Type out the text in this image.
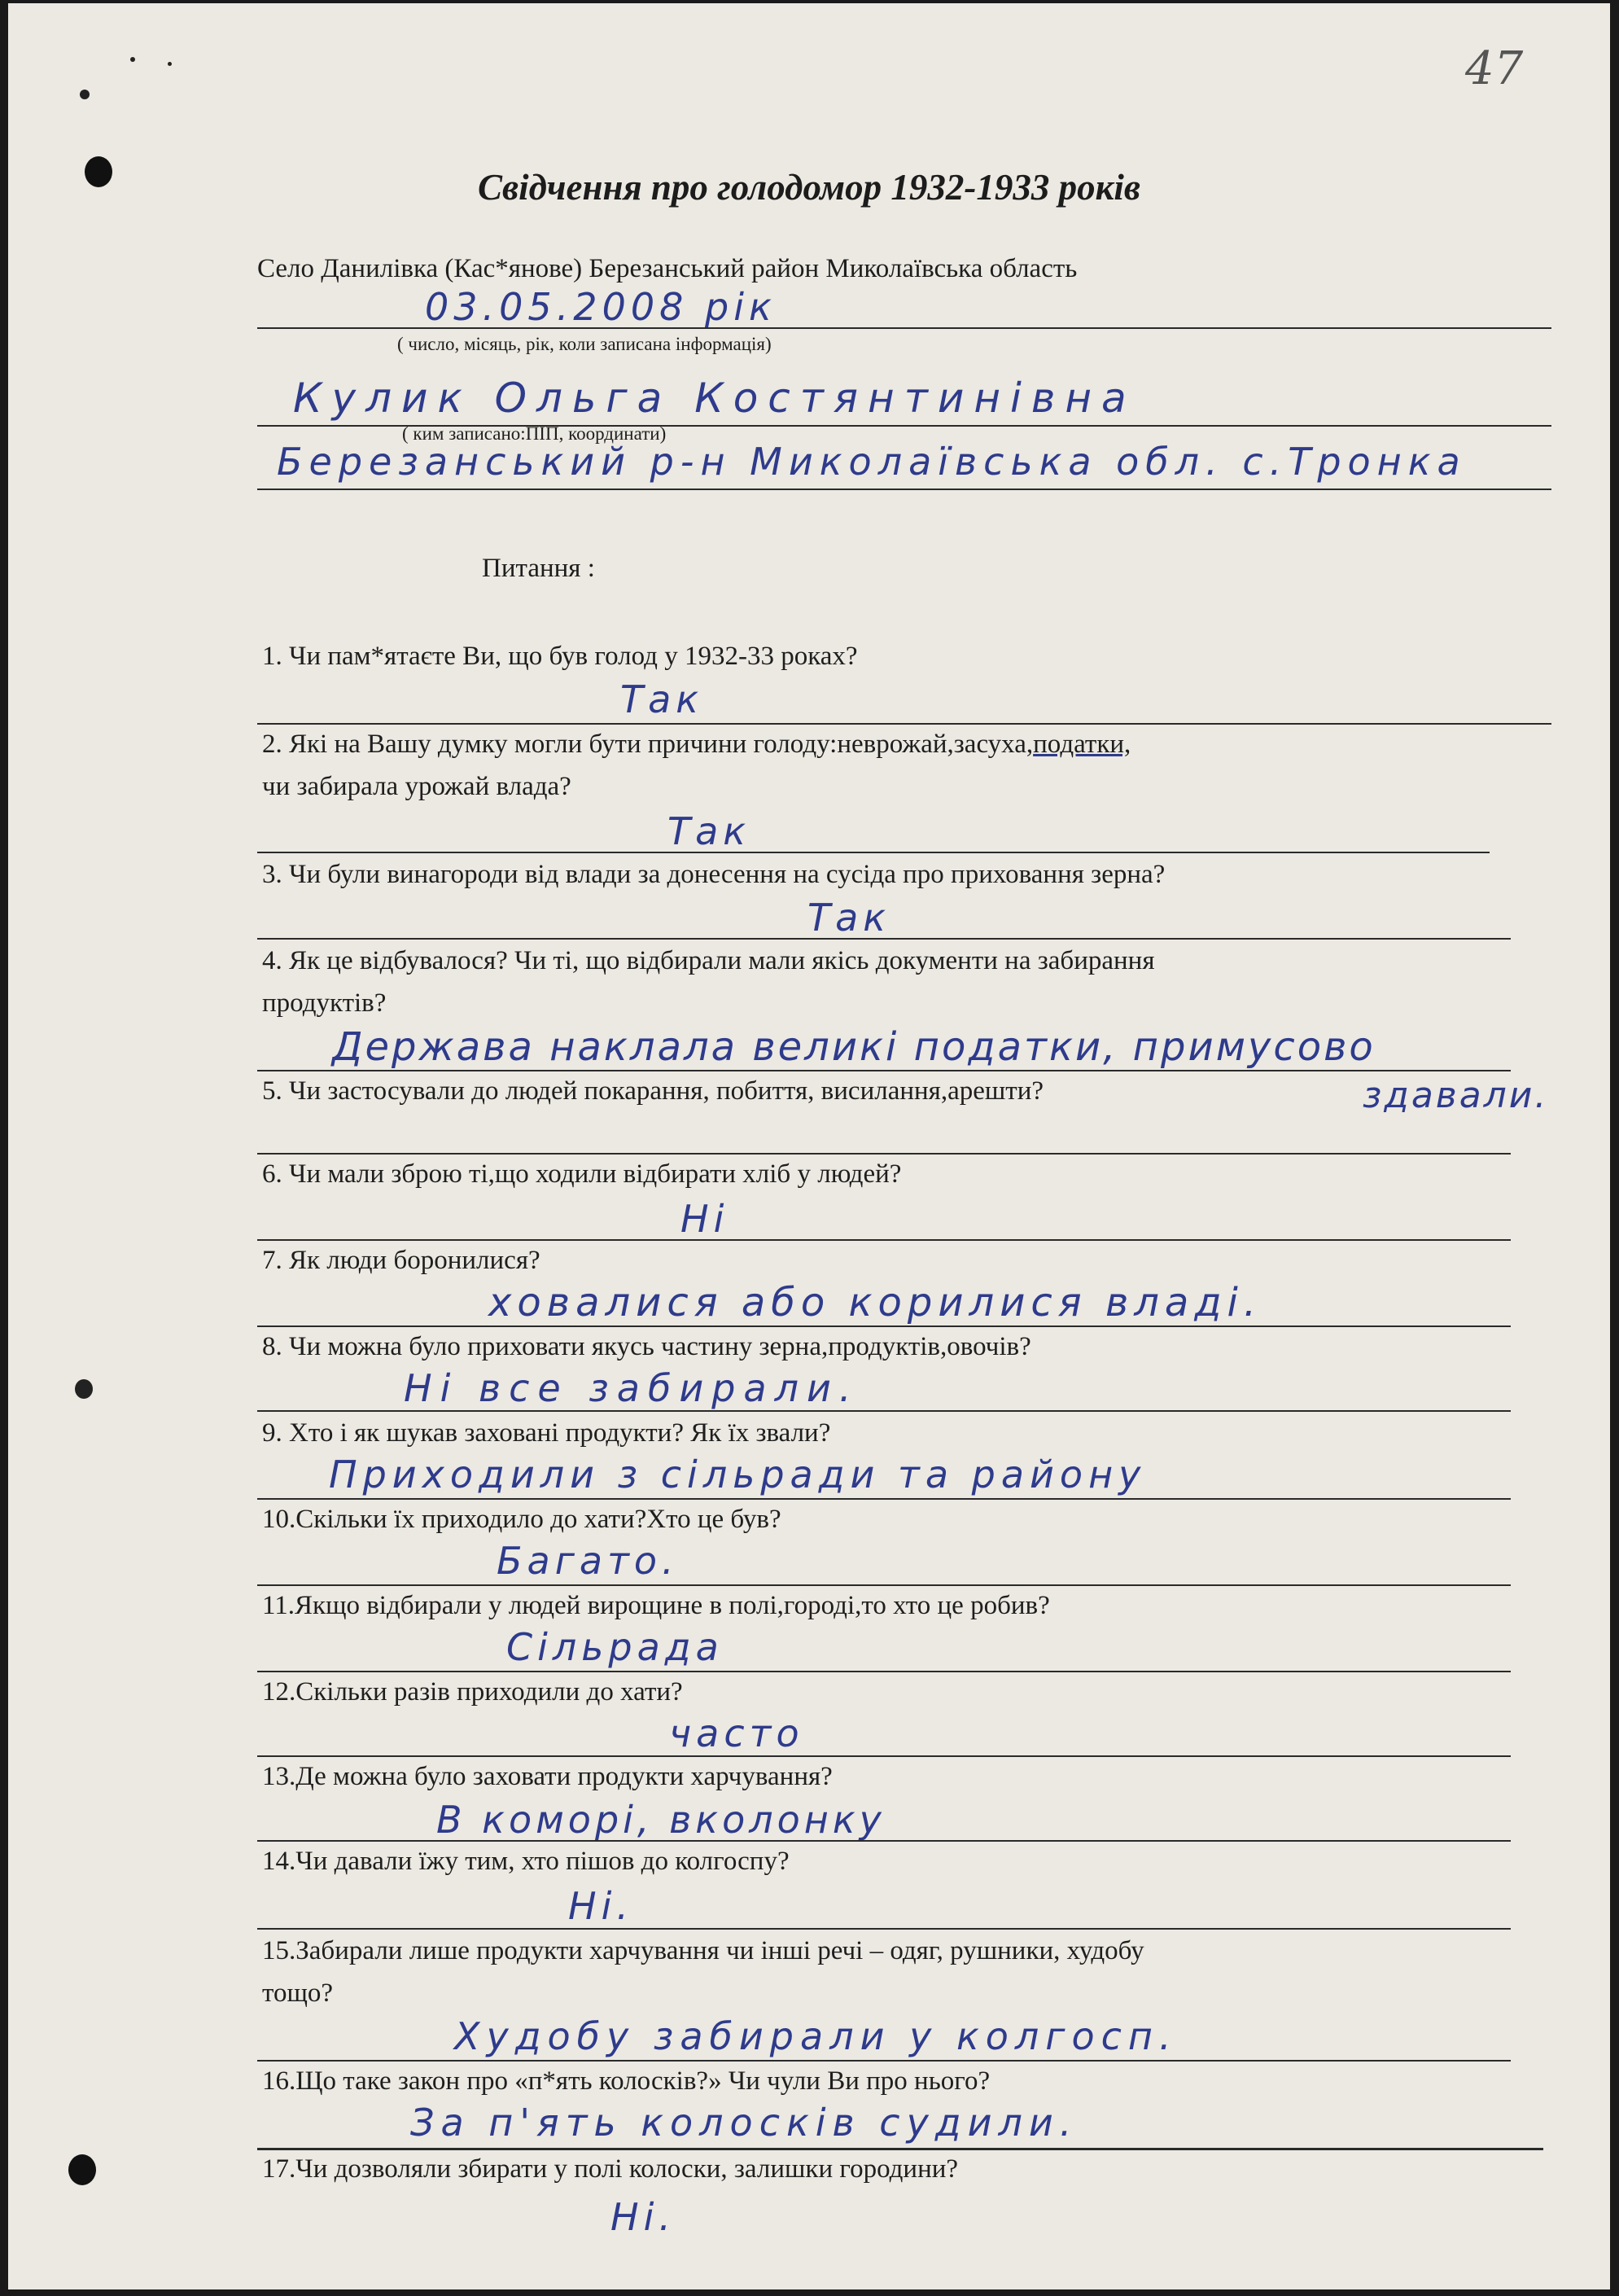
47
Свідчення про голодомор 1932-1933 років
Село Данилівка (Кас*янове) Березанський район Миколаївська область
03.05.2008 рік
( число, місяць, рік, коли записана інформація)
Кулик Ольга Костянтинівна
( ким записано:ПІП, координати)
Березанський р-н Миколаївська обл. с.Тронка
Питання :
1. Чи пам*ятаєте Ви, що був голод у 1932-33 роках?
Так
2. Які на Вашу думку могли бути причини голоду:неврожай,засуха,податки,
чи забирала урожай влада?
Так
3. Чи були винагороди від влади за донесення на сусіда про приховання зерна?
Так
4. Як це відбувалося? Чи ті, що відбирали мали якісь документи на забирання
продуктів?
Держава наклала великі податки, примусово
5. Чи застосували до людей покарання, побиття, висилання,арешти?	здавали.
6. Чи мали зброю ті,що ходили відбирати хліб у людей?
Ні
7. Як люди боронилися?
ховалися або корилися владі.
8. Чи можна було приховати якусь частину зерна,продуктів,овочів?
Ні все забирали.
9. Хто і як шукав заховані продукти? Як їх звали?
Приходили з сільради та району
10.Скільки їх приходило до хати?Хто це був?
Багато.
11.Якщо відбирали у людей вирощине в полі,городі,то хто це робив?
Сільрада
12.Скільки разів приходили до хати?
часто
13.Де можна було заховати продукти харчування?
В коморі, вколонку
14.Чи давали їжу тим, хто пішов до колгоспу?
Ні.
15.Забирали лише продукти харчування чи інші речі – одяг, рушники, худобу
тощо?
Худобу забирали у колгосп.
16.Що таке закон про «п*ять колосків?» Чи чули Ви про нього?
За п'ять колосків судили.
17.Чи дозволяли збирати у полі колоски, залишки городини?
Ні.
